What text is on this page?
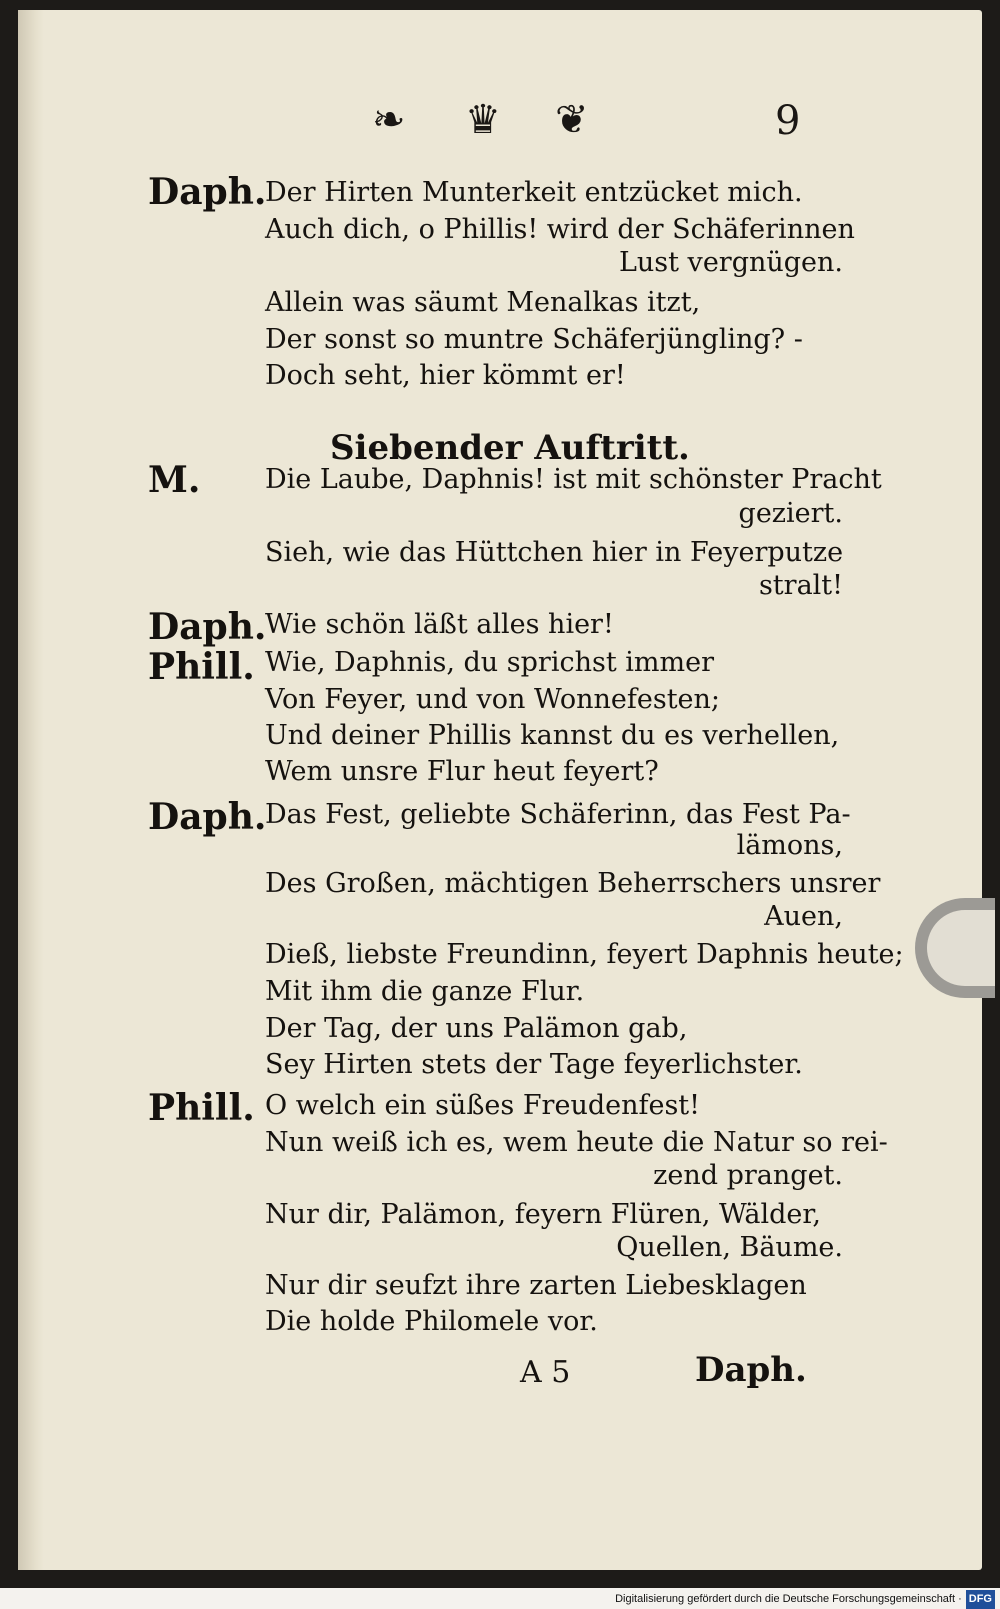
❧ ♛ ❦	9
Daph.
Der Hirten Munterkeit entzücket mich.
Auch dich, o Phillis! wird der Schäferinnen
Lust vergnügen.
Allein was säumt Menalkas itzt,
Der sonst so muntre Schäferjüngling? -
Doch seht, hier kömmt er!
Siebender Auftritt.
M.	Die Laube, Daphnis! ist mit schönster Pracht
geziert.
Sieh, wie das Hüttchen hier in Feyerputze
stralt!
Daph.
Wie schön läßt alles hier!
Phill. Wie, Daphnis, du sprichst immer
Von Feyer, und von Wonnefesten;
Und deiner Phillis kannst du es verhellen,
Wem unsre Flur heut feyert?
Daph.
Das Fest, geliebte Schäferinn, das Fest Pa-
lämons,
Des Großen, mächtigen Beherrschers unsrer
Auen,
Dieß, liebste Freundinn, feyert Daphnis heute;
Mit ihm die ganze Flur.
Der Tag, der uns Palämon gab,
Sey Hirten stets der Tage feyerlichster.
Phill. O welch ein süßes Freudenfest!
Nun weiß ich es, wem heute die Natur so rei-
zend pranget.
Nur dir, Palämon, feyern Flüren, Wälder,
Quellen, Bäume.
Nur dir seufzt ihre zarten Liebesklagen
Die holde Philomele vor.
A 5	Daph.
Digitalisierung gefördert durch die Deutsche Forschungsgemeinschaft · DFG
